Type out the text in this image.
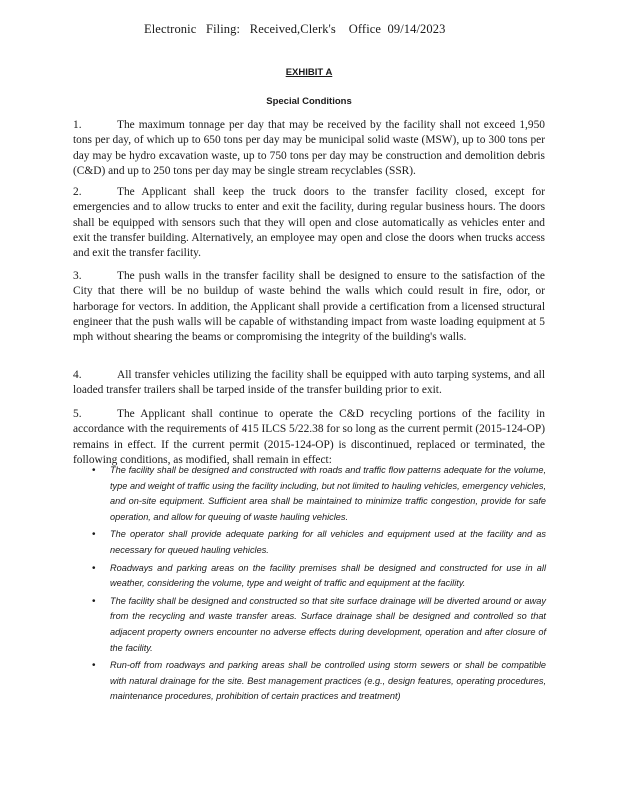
Electronic   Filing:   Received,Clerk's    Office  09/14/2023
EXHIBIT A
Special Conditions
1.	The maximum tonnage per day that may be received by the facility shall not exceed 1,950 tons per day, of which up to 650 tons per day may be municipal solid waste (MSW), up to 300 tons per day may be hydro excavation waste, up to 750 tons per day may be construction and demolition debris (C&D) and up to 250 tons per day may be single stream recyclables (SSR).
2.	The Applicant shall keep the truck doors to the transfer facility closed, except for emergencies and to allow trucks to enter and exit the facility, during regular business hours. The doors shall be equipped with sensors such that they will open and close automatically as vehicles enter and exit the transfer building. Alternatively, an employee may open and close the doors when trucks access and exit the transfer facility.
3.	The push walls in the transfer facility shall be designed to ensure to the satisfaction of the City that there will be no buildup of waste behind the walls which could result in fire, odor, or harborage for vectors. In addition, the Applicant shall provide a certification from a licensed structural engineer that the push walls will be capable of withstanding impact from waste loading equipment at 5 mph without shearing the beams or compromising the integrity of the building's walls.
4.	All transfer vehicles utilizing the facility shall be equipped with auto tarping systems, and all loaded transfer trailers shall be tarped inside of the transfer building prior to exit.
5.	The Applicant shall continue to operate the C&D recycling portions of the facility in accordance with the requirements of 415 ILCS 5/22.38 for so long as the current permit (2015-124-OP) remains in effect. If the current permit (2015-124-OP) is discontinued, replaced or terminated, the following conditions, as modified, shall remain in effect:
• The facility shall be designed and constructed with roads and traffic flow patterns adequate for the volume, type and weight of traffic using the facility including, but not limited to hauling vehicles, emergency vehicles, and on-site equipment. Sufficient area shall be maintained to minimize traffic congestion, provide for safe operation, and allow for queuing of waste hauling vehicles.
• The operator shall provide adequate parking for all vehicles and equipment used at the facility and as necessary for queued hauling vehicles.
• Roadways and parking areas on the facility premises shall be designed and constructed for use in all weather, considering the volume, type and weight of traffic and equipment at the facility.
• The facility shall be designed and constructed so that site surface drainage will be diverted around or away from the recycling and waste transfer areas. Surface drainage shall be designed and controlled so that adjacent property owners encounter no adverse effects during development, operation and after closure of the facility.
• Run-off from roadways and parking areas shall be controlled using storm sewers or shall be compatible with natural drainage for the site. Best management practices (e.g., design features, operating procedures, maintenance procedures, prohibition of certain practices and treatment)
